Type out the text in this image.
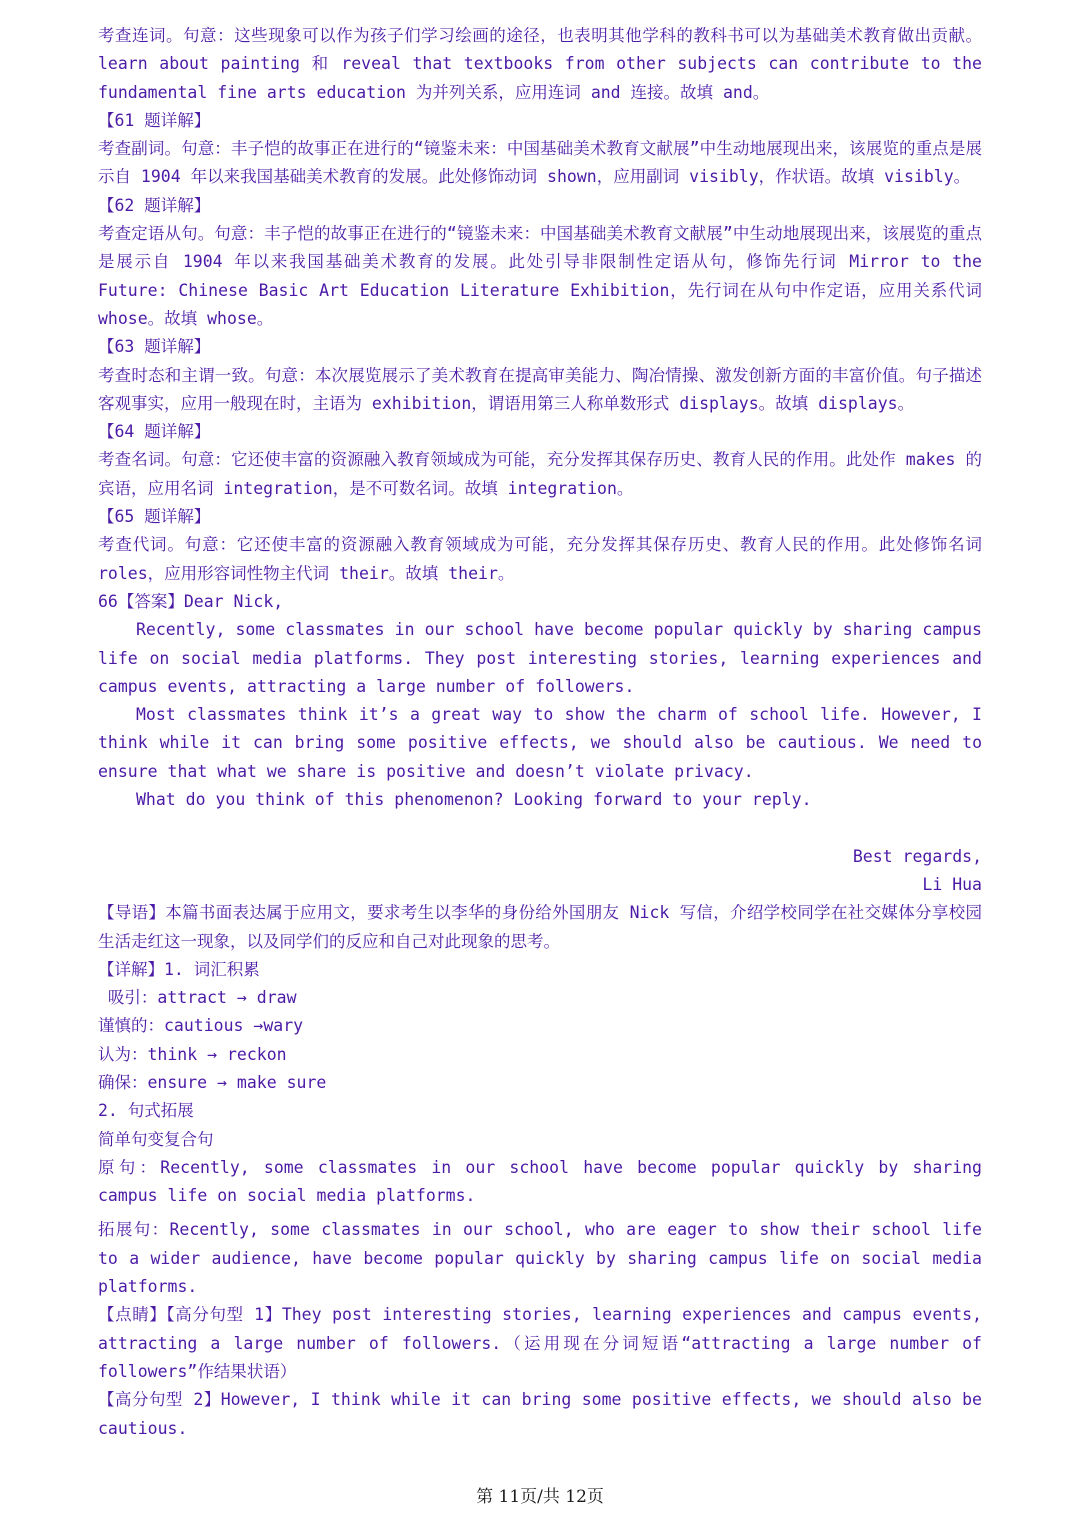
考查连词。句意：这些现象可以作为孩子们学习绘画的途径，也表明其他学科的教科书可以为基础美术教育做出贡献。learn about painting 和 reveal that textbooks from other subjects can contribute to the fundamental fine arts education 为并列关系，应用连词 and 连接。故填 and。

【61 题详解】

考查副词。句意：丰子恺的故事正在进行的“镜鉴未来：中国基础美术教育文献展”中生动地展现出来，该展览的重点是展示自 1904 年以来我国基础美术教育的发展。此处修饰动词 shown，应用副词 visibly，作状语。故填 visibly。

【62 题详解】

考查定语从句。句意：丰子恺的故事正在进行的“镜鉴未来：中国基础美术教育文献展”中生动地展现出来，该展览的重点是展示自 1904 年以来我国基础美术教育的发展。此处引导非限制性定语从句，修饰先行词 Mirror to the Future: Chinese Basic Art Education Literature Exhibition，先行词在从句中作定语，应用关系代词 whose。故填 whose。

【63 题详解】

考查时态和主谓一致。句意：本次展览展示了美术教育在提高审美能力、陶冶情操、激发创新方面的丰富价值。句子描述客观事实，应用一般现在时，主语为 exhibition，谓语用第三人称单数形式 displays。故填 displays。

【64 题详解】

考查名词。句意：它还使丰富的资源融入教育领域成为可能，充分发挥其保存历史、教育人民的作用。此处作 makes 的宾语，应用名词 integration，是不可数名词。故填 integration。

【65 题详解】

考查代词。句意：它还使丰富的资源融入教育领域成为可能，充分发挥其保存历史、教育人民的作用。此处修饰名词 roles，应用形容词性物主代词 their。故填 their。

66【答案】Dear Nick,

Recently, some classmates in our school have become popular quickly by sharing campus life on social media platforms. They post interesting stories, learning experiences and campus events, attracting a large number of followers.

Most classmates think it’s a great way to show the charm of school life. However, I think while it can bring some positive effects, we should also be cautious. We need to ensure that what we share is positive and doesn’t violate privacy.

What do you think of this phenomenon? Looking forward to your reply.

Best regards,

Li Hua

【导语】本篇书面表达属于应用文，要求考生以李华的身份给外国朋友 Nick 写信，介绍学校同学在社交媒体分享校园生活走红这一现象，以及同学们的反应和自己对此现象的思考。

【详解】1. 词汇积累

吸引：attract → draw

谨慎的：cautious →wary

认为：think → reckon

确保：ensure → make sure

2. 句式拓展

简单句变复合句

原句：Recently, some classmates in our school have become popular quickly by sharing campus life on social media platforms.

拓展句：Recently, some classmates in our school, who are eager to show their school life to a wider audience, have become popular quickly by sharing campus life on social media platforms.

【点睛】【高分句型 1】They post interesting stories, learning experiences and campus events, attracting a large number of followers.（运用现在分词短语“attracting a large number of followers”作结果状语）

【高分句型 2】However, I think while it can bring some positive effects, we should also be cautious.

第 11页/共 12页
